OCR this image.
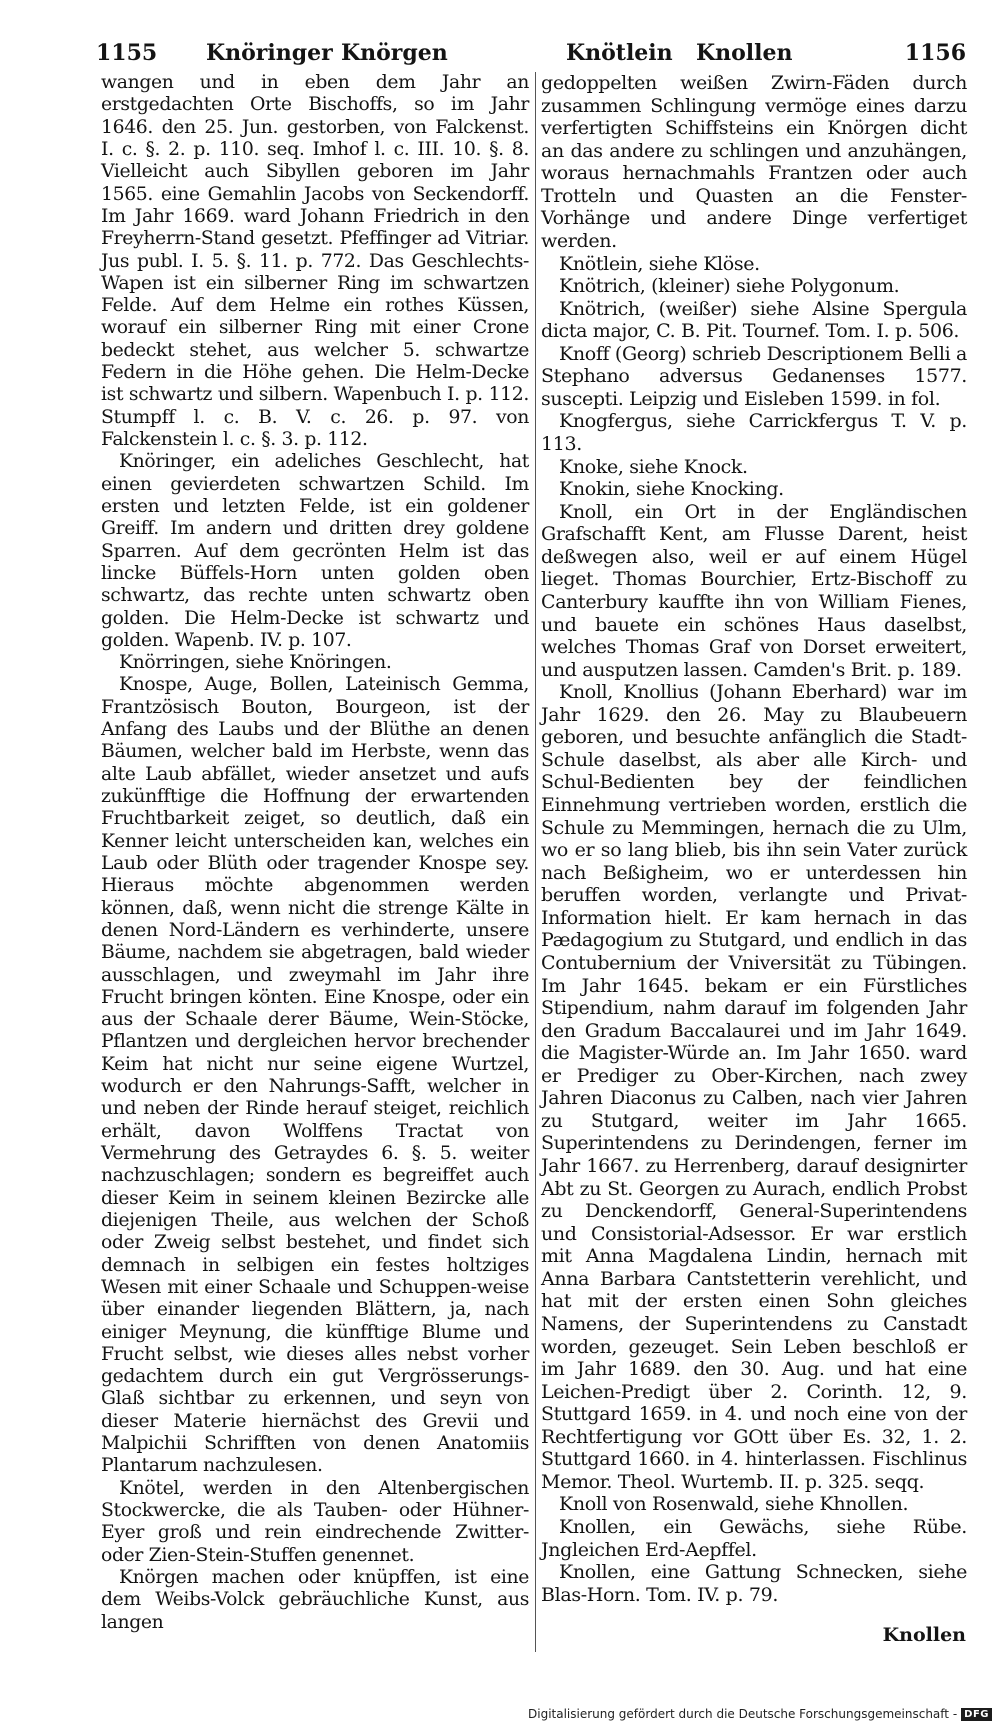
1155 Knöringer Knörgen	Knötlein Knollen	1156

wangen und in eben dem Jahr an erstgedachten Orte Bischoffs, so im Jahr 1646. den 25. Jun. gestorben, von Falckenst. I. c. §. 2. p. 110. seq. Imhof l. c. III. 10. §. 8. Vielleicht auch Sibyllen geboren im Jahr 1565. eine Gemahlin Jacobs von Seckendorff. Im Jahr 1669. ward Johann Friedrich in den Freyherrn-Stand gesetzt. Pfeffinger ad Vitriar. Jus publ. I. 5. §. 11. p. 772. Das Geschlechts-Wapen ist ein silberner Ring im schwartzen Felde. Auf dem Helme ein rothes Küssen, worauf ein silberner Ring mit einer Crone bedeckt stehet, aus welcher 5. schwartze Federn in die Höhe gehen. Die Helm-Decke ist schwartz und silbern. Wapenbuch I. p. 112. Stumpff l. c. B. V. c. 26. p. 97. von Falckenstein l. c. §. 3. p. 112.

Knöringer, ein adeliches Geschlecht, hat einen gevierdeten schwartzen Schild. Im ersten und letzten Felde, ist ein goldener Greiff. Im andern und dritten drey goldene Sparren. Auf dem gecrönten Helm ist das lincke Büffels-Horn unten golden oben schwartz, das rechte unten schwartz oben golden. Die Helm-Decke ist schwartz und golden. Wapenb. IV. p. 107.

Knörringen, siehe Knöringen.

Knospe, Auge, Bollen, Lateinisch Gemma, Frantzösisch Bouton, Bourgeon, ist der Anfang des Laubs und der Blüthe an denen Bäumen, welcher bald im Herbste, wenn das alte Laub abfället, wieder ansetzet und aufs zukünfftige die Hoffnung der erwartenden Fruchtbarkeit zeiget, so deutlich, daß ein Kenner leicht unterscheiden kan, welches ein Laub oder Blüth oder tragender Knospe sey. Hieraus möchte abgenommen werden können, daß, wenn nicht die strenge Kälte in denen Nord-Ländern es verhinderte, unsere Bäume, nachdem sie abgetragen, bald wieder ausschlagen, und zweymahl im Jahr ihre Frucht bringen könten. Eine Knospe, oder ein aus der Schaale derer Bäume, Wein-Stöcke, Pflantzen und dergleichen hervor brechender Keim hat nicht nur seine eigene Wurtzel, wodurch er den Nahrungs-Safft, welcher in und neben der Rinde herauf steiget, reichlich erhält, davon Wolffens Tractat von Vermehrung des Getraydes 6. §. 5. weiter nachzuschlagen; sondern es begreiffet auch dieser Keim in seinem kleinen Bezircke alle diejenigen Theile, aus welchen der Schoß oder Zweig selbst bestehet, und findet sich demnach in selbigen ein festes holtziges Wesen mit einer Schaale und Schuppen-weise über einander liegenden Blättern, ja, nach einiger Meynung, die künfftige Blume und Frucht selbst, wie dieses alles nebst vorher gedachtem durch ein gut Vergrösserungs-Glaß sichtbar zu erkennen, und seyn von dieser Materie hiernächst des Grevii und Malpichii Schrifften von denen Anatomiis Plantarum nachzulesen.

Knötel, werden in den Altenbergischen Stockwercke, die als Tauben- oder Hühner-Eyer groß und rein eindrechende Zwitter- oder Zien-Stein-Stuffen genennet.

Knörgen machen oder knüpffen, ist eine dem Weibs-Volck gebräuchliche Kunst, aus langen

gedoppelten weißen Zwirn-Fäden durch zusammen Schlingung vermöge eines darzu verfertigten Schiffsteins ein Knörgen dicht an das andere zu schlingen und anzuhängen, woraus hernachmahls Frantzen oder auch Trotteln und Quasten an die Fenster-Vorhänge und andere Dinge verfertiget werden.

Knötlein, siehe Klöse.

Knötrich, (kleiner) siehe Polygonum.

Knötrich, (weißer) siehe Alsine Spergula dicta major, C. B. Pit. Tournef. Tom. I. p. 506.

Knoff (Georg) schrieb Descriptionem Belli a Stephano adversus Gedanenses 1577. suscepti. Leipzig und Eisleben 1599. in fol.

Knogfergus, siehe Carrickfergus T. V. p. 113.

Knoke, siehe Knock.

Knokin, siehe Knocking.

Knoll, ein Ort in der Engländischen Grafschafft Kent, am Flusse Darent, heist deßwegen also, weil er auf einem Hügel lieget. Thomas Bourchier, Ertz-Bischoff zu Canterbury kauffte ihn von William Fienes, und bauete ein schönes Haus daselbst, welches Thomas Graf von Dorset erweitert, und ausputzen lassen. Camden's Brit. p. 189.

Knoll, Knollius (Johann Eberhard) war im Jahr 1629. den 26. May zu Blaubeuern geboren, und besuchte anfänglich die Stadt-Schule daselbst, als aber alle Kirch- und Schul-Bedienten bey der feindlichen Einnehmung vertrieben worden, erstlich die Schule zu Memmingen, hernach die zu Ulm, wo er so lang blieb, bis ihn sein Vater zurück nach Beßigheim, wo er unterdessen hin beruffen worden, verlangte und Privat-Information hielt. Er kam hernach in das Pædagogium zu Stutgard, und endlich in das Contubernium der Vniversität zu Tübingen. Im Jahr 1645. bekam er ein Fürstliches Stipendium, nahm darauf im folgenden Jahr den Gradum Baccalaurei und im Jahr 1649. die Magister-Würde an. Im Jahr 1650. ward er Prediger zu Ober-Kirchen, nach zwey Jahren Diaconus zu Calben, nach vier Jahren zu Stutgard, weiter im Jahr 1665. Superintendens zu Derindengen, ferner im Jahr 1667. zu Herrenberg, darauf designirter Abt zu St. Georgen zu Aurach, endlich Probst zu Denckendorff, General-Superintendens und Consistorial-Adsessor. Er war erstlich mit Anna Magdalena Lindin, hernach mit Anna Barbara Cantstetterin verehlicht, und hat mit der ersten einen Sohn gleiches Namens, der Superintendens zu Canstadt worden, gezeuget. Sein Leben beschloß er im Jahr 1689. den 30. Aug. und hat eine Leichen-Predigt über 2. Corinth. 12, 9. Stuttgard 1659. in 4. und noch eine von der Rechtfertigung vor GOtt über Es. 32, 1. 2. Stuttgard 1660. in 4. hinterlassen. Fischlinus Memor. Theol. Wurtemb. II. p. 325. seqq.

Knoll von Rosenwald, siehe Khnollen.

Knollen, ein Gewächs, siehe Rübe. Jngleichen Erd-Aepffel.

Knollen, eine Gattung Schnecken, siehe Blas-Horn. Tom. IV. p. 79.

Knollen
Digitalisierung gefördert durch die Deutsche Forschungsgemeinschaft - DFG
